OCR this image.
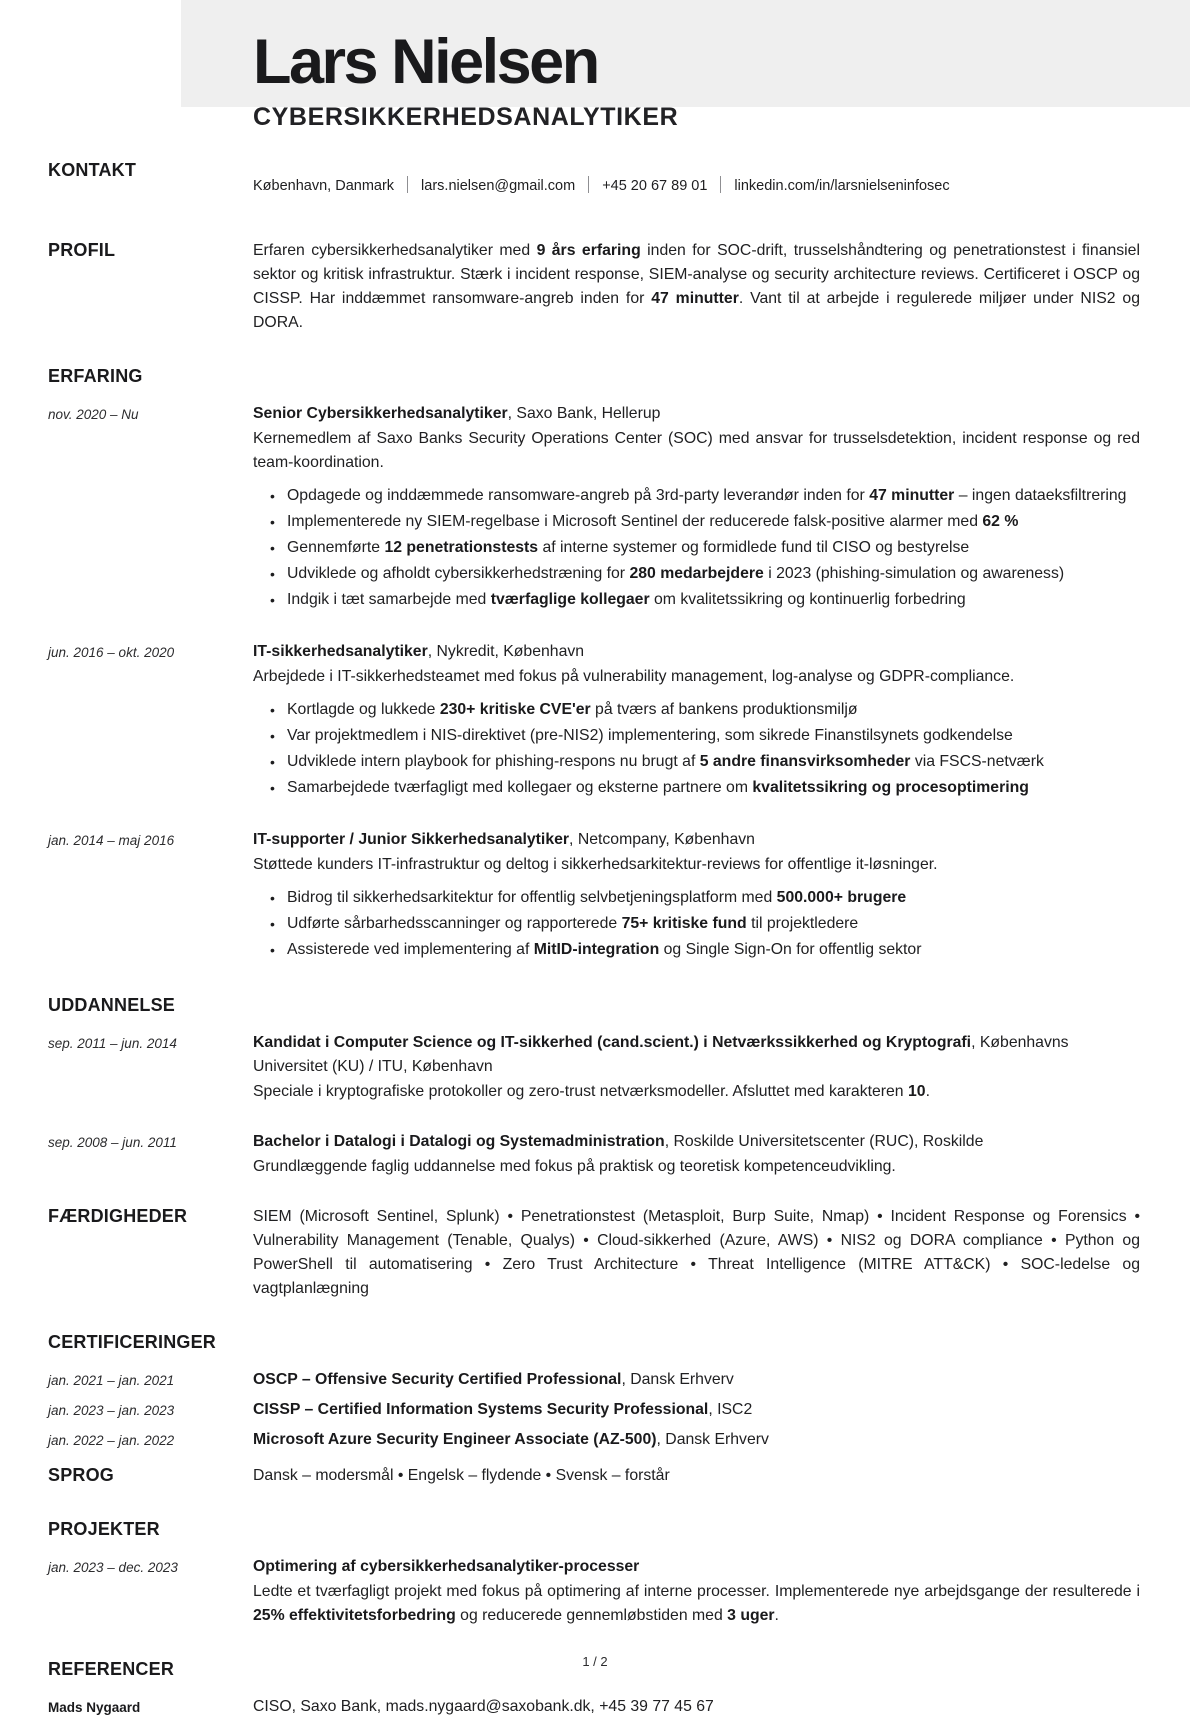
Lars Nielsen
CYBERSIKKERHEDSANALYTIKER
KONTAKT

København, Danmark lars.nielsen@gmail.com +45 20 67 89 01 linkedin.com/in/larsnielseninfosec

PROFIL	Erfaren cybersikkerhedsanalytiker med 9 års erfaring inden for SOC-drift, trusselshåndtering og penetrationstest i finansiel sektor og kritisk infrastruktur. Stærk i incident response, SIEM-analyse og security architecture reviews. Certificeret i OSCP og CISSP. Har inddæmmet ransomware-angreb inden for 47 minutter. Vant til at arbejde i regulerede miljøer under NIS2 og DORA.

ERFARING
nov. 2020 – Nu	Senior Cybersikkerhedsanalytiker, Saxo Bank, Hellerup

Kernemedlem af Saxo Banks Security Operations Center (SOC) med ansvar for trusselsdetektion, incident response og red team-koordination.

• Opdagede og inddæmmede ransomware-angreb på 3rd-party leverandør inden for 47 minutter – ingen dataeksfiltrering
• Implementerede ny SIEM-regelbase i Microsoft Sentinel der reducerede falsk-positive alarmer med 62 %
• Gennemførte 12 penetrationstests af interne systemer og formidlede fund til CISO og bestyrelse
• Udviklede og afholdt cybersikkerhedstræning for 280 medarbejdere i 2023 (phishing-simulation og awareness)
• Indgik i tæt samarbejde med tværfaglige kollegaer om kvalitetssikring og kontinuerlig forbedring
jun. 2016 – okt. 2020	IT-sikkerhedsanalytiker, Nykredit, København

Arbejdede i IT-sikkerhedsteamet med fokus på vulnerability management, log-analyse og GDPR-compliance.

• Kortlagde og lukkede 230+ kritiske CVE'er på tværs af bankens produktionsmiljø
• Var projektmedlem i NIS-direktivet (pre-NIS2) implementering, som sikrede Finanstilsynets godkendelse
• Udviklede intern playbook for phishing-respons nu brugt af 5 andre finansvirksomheder via FSCS-netværk
• Samarbejdede tværfagligt med kollegaer og eksterne partnere om kvalitetssikring og procesoptimering
jan. 2014 – maj 2016	IT-supporter / Junior Sikkerhedsanalytiker, Netcompany, København

Støttede kunders IT-infrastruktur og deltog i sikkerhedsarkitektur-reviews for offentlige it-løsninger.

• Bidrog til sikkerhedsarkitektur for offentlig selvbetjeningsplatform med 500.000+ brugere
• Udførte sårbarhedsscanninger og rapporterede 75+ kritiske fund til projektledere
• Assisterede ved implementering af MitID-integration og Single Sign-On for offentlig sektor
UDDANNELSE
sep. 2011 – jun. 2014	Kandidat i Computer Science og IT-sikkerhed (cand.scient.) i Netværkssikkerhed og Kryptografi, Københavns Universitet (KU) / ITU, København

Speciale i kryptografiske protokoller og zero-trust netværksmodeller. Afsluttet med karakteren 10.

sep. 2008 – jun. 2011	Bachelor i Datalogi i Datalogi og Systemadministration, Roskilde Universitetscenter (RUC), Roskilde

Grundlæggende faglig uddannelse med fokus på praktisk og teoretisk kompetenceudvikling.

FÆRDIGHEDER	SIEM (Microsoft Sentinel, Splunk) • Penetrationstest (Metasploit, Burp Suite, Nmap) • Incident Response og Forensics • Vulnerability Management (Tenable, Qualys) • Cloud-sikkerhed (Azure, AWS) • NIS2 og DORA compliance • Python og PowerShell til automatisering • Zero Trust Architecture • Threat Intelligence (MITRE ATT&CK) • SOC-ledelse og vagtplanlægning

CERTIFICERINGER
jan. 2021 – jan. 2021	OSCP – Offensive Security Certified Professional, Dansk Erhverv

jan. 2023 – jan. 2023	CISSP – Certified Information Systems Security Professional, ISC2

jan. 2022 – jan. 2022	Microsoft Azure Security Engineer Associate (AZ-500), Dansk Erhverv

SPROG	Dansk – modersmål • Engelsk – flydende • Svensk – forstår

PROJEKTER
jan. 2023 – dec. 2023	Optimering af cybersikkerhedsanalytiker-processer

Ledte et tværfagligt projekt med fokus på optimering af interne processer. Implementerede nye arbejdsgange der resulterede i 25% effektivitetsforbedring og reducerede gennemløbstiden med 3 uger.

REFERENCER
Mads Nygaard	CISO, Saxo Bank, mads.nygaard@saxobank.dk, +45 39 77 45 67

1 / 2
